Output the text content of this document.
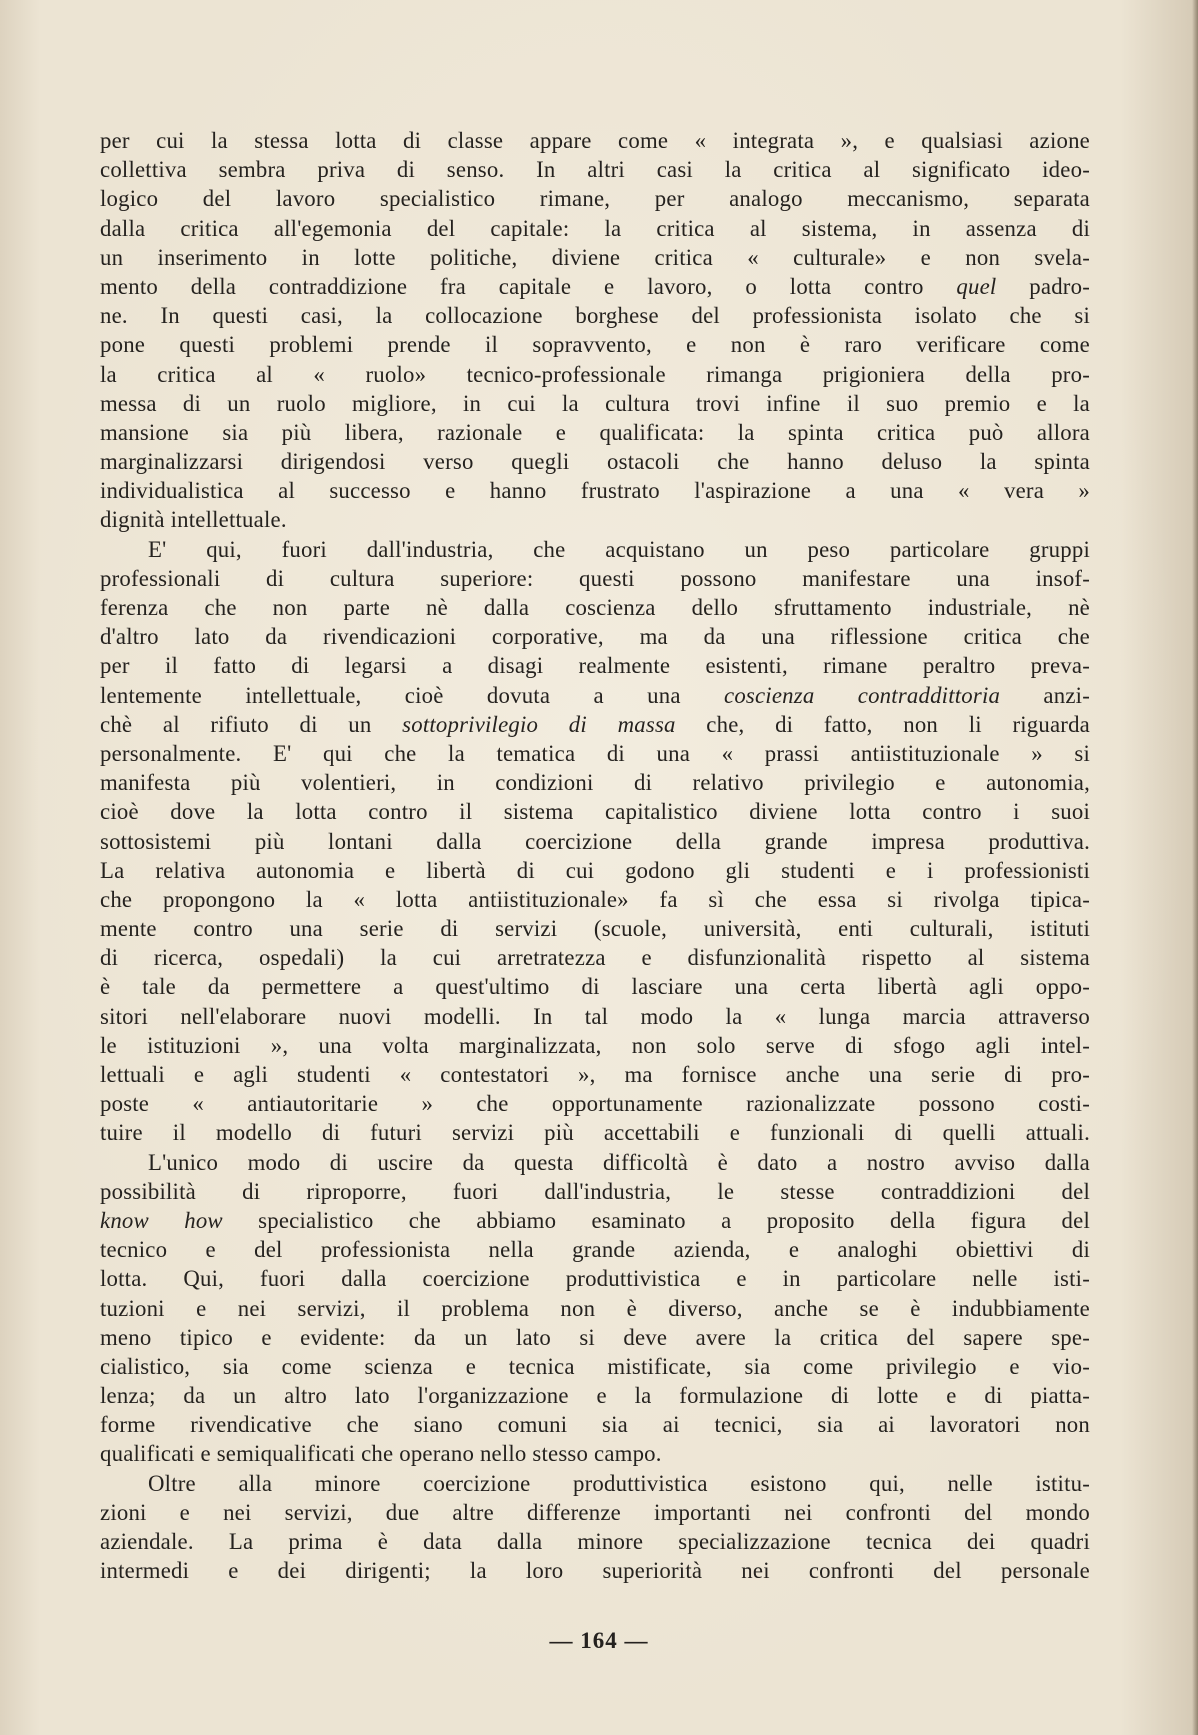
per cui la stessa lotta di classe appare come « integrata », e qualsiasi azione
collettiva sembra priva di senso. In altri casi la critica al significato ideo-
logico del lavoro specialistico rimane, per analogo meccanismo, separata
dalla critica all'egemonia del capitale: la critica al sistema, in assenza di
un inserimento in lotte politiche, diviene critica « culturale» e non svela-
mento della contraddizione fra capitale e lavoro, o lotta contro quel padro-
ne. In questi casi, la collocazione borghese del professionista isolato che si
pone questi problemi prende il sopravvento, e non è raro verificare come
la critica al « ruolo» tecnico-professionale rimanga prigioniera della pro-
messa di un ruolo migliore, in cui la cultura trovi infine il suo premio e la
mansione sia più libera, razionale e qualificata: la spinta critica può allora
marginalizzarsi dirigendosi verso quegli ostacoli che hanno deluso la spinta
individualistica al successo e hanno frustrato l'aspirazione a una « vera »
dignità intellettuale.
E' qui, fuori dall'industria, che acquistano un peso particolare gruppi
professionali di cultura superiore: questi possono manifestare una insof-
ferenza che non parte nè dalla coscienza dello sfruttamento industriale, nè
d'altro lato da rivendicazioni corporative, ma da una riflessione critica che
per il fatto di legarsi a disagi realmente esistenti, rimane peraltro preva-
lentemente intellettuale, cioè dovuta a una coscienza contraddittoria anzi-
chè al rifiuto di un sottoprivilegio di massa che, di fatto, non li riguarda
personalmente. E' qui che la tematica di una « prassi antiistituzionale » si
manifesta più volentieri, in condizioni di relativo privilegio e autonomia,
cioè dove la lotta contro il sistema capitalistico diviene lotta contro i suoi
sottosistemi più lontani dalla coercizione della grande impresa produttiva.
La relativa autonomia e libertà di cui godono gli studenti e i professionisti
che propongono la « lotta antiistituzionale» fa sì che essa si rivolga tipica-
mente contro una serie di servizi (scuole, università, enti culturali, istituti
di ricerca, ospedali) la cui arretratezza e disfunzionalità rispetto al sistema
è tale da permettere a quest'ultimo di lasciare una certa libertà agli oppo-
sitori nell'elaborare nuovi modelli. In tal modo la « lunga marcia attraverso
le istituzioni », una volta marginalizzata, non solo serve di sfogo agli intel-
lettuali e agli studenti « contestatori », ma fornisce anche una serie di pro-
poste « antiautoritarie » che opportunamente razionalizzate possono costi-
tuire il modello di futuri servizi più accettabili e funzionali di quelli attuali.
L'unico modo di uscire da questa difficoltà è dato a nostro avviso dalla
possibilità di riproporre, fuori dall'industria, le stesse contraddizioni del
know how specialistico che abbiamo esaminato a proposito della figura del
tecnico e del professionista nella grande azienda, e analoghi obiettivi di
lotta. Qui, fuori dalla coercizione produttivistica e in particolare nelle isti-
tuzioni e nei servizi, il problema non è diverso, anche se è indubbiamente
meno tipico e evidente: da un lato si deve avere la critica del sapere spe-
cialistico, sia come scienza e tecnica mistificate, sia come privilegio e vio-
lenza; da un altro lato l'organizzazione e la formulazione di lotte e di piatta-
forme rivendicative che siano comuni sia ai tecnici, sia ai lavoratori non
qualificati e semiqualificati che operano nello stesso campo.
Oltre alla minore coercizione produttivistica esistono qui, nelle istitu-
zioni e nei servizi, due altre differenze importanti nei confronti del mondo
aziendale. La prima è data dalla minore specializzazione tecnica dei quadri
intermedi e dei dirigenti; la loro superiorità nei confronti del personale
— 164 —
